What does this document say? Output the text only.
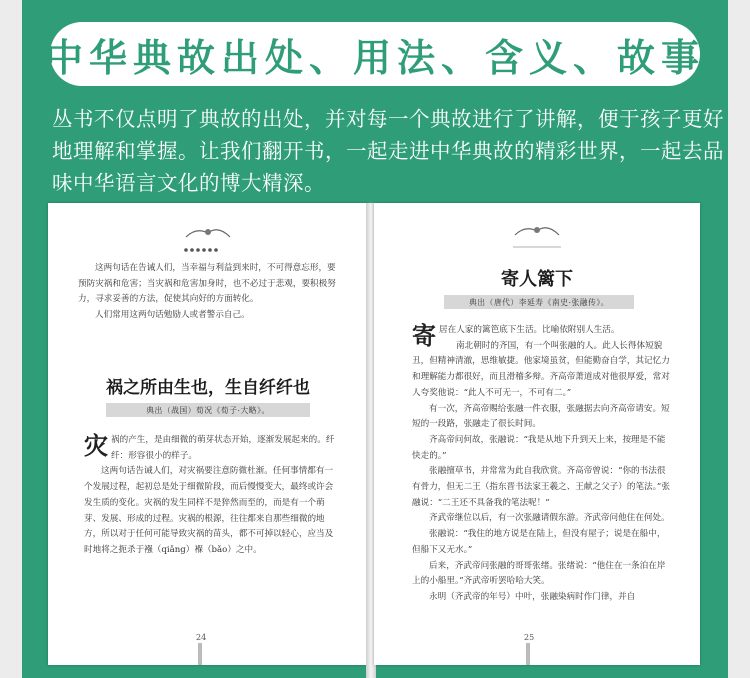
中华典故出处、用法、含义、故事

丛书不仅点明了典故的出处，并对每一个典故进行了讲解，便于孩子更好

地理解和掌握。让我们翻开书，一起走进中华典故的精彩世界，一起去品

味中华语言文化的博大精深。

这两句话在告诫人们，当幸福与利益到来时，不可得意忘形，要预防灾祸和危害；当灾祸和危害加身时，也不必过于悲观，要积极努力，寻求妥善的方法，促使其向好的方面转化。

人们常用这两句话勉励人或者警示自己。

祸之所由生也，生自纤纤也
典出（战国）荀况《荀子·大略》。

灾祸的产生，是由细微的萌芽状态开始，逐渐发展起来的。纤纤：形容很小的样子。

这两句话告诫人们，对灾祸要注意防微杜渐。任何事情都有一个发展过程，起初总是处于细微阶段，而后慢慢变大，最终或许会发生质的变化。灾祸的发生同样不是猝然而至的，而是有一个萌芽、发展、形成的过程。灾祸的根源，往往都来自那些细微的地方，所以对于任何可能导致灾祸的苗头，都不可掉以轻心，应当及时地将之扼杀于襁（qiǎng）褓（bǎo）之中。

24
寄人篱下
典出（唐代）李延寿《南史·张融传》。

寄居在人家的篱笆底下生活。比喻依附别人生活。

南北朝时的齐国，有一个叫张融的人。此人长得体短貌丑，但精神清澈，思维敏捷。他家境虽贫，但能勤奋自学，其记忆力和理解能力都很好，而且滑稽多辩。齐高帝萧道成对他很厚爱，常对人夸奖他说：“此人不可无一，不可有二。”

有一次，齐高帝赐给张融一件衣服，张融据去向齐高帝请安。短短的一段路，张融走了很长时间。

齐高帝问何故，张融说：“我是从地下升到天上来，按理是不能快走的。”

张融擅草书，并常常为此自我欣赏。齐高帝曾说：“你的书法很有骨力，但无二王（指东晋书法家王羲之、王献之父子）的笔法。”张融说：“二王还不具备我的笔法呢！”

齐武帝继位以后，有一次张融请假东游。齐武帝问他住在何处。

张融说：“我住的地方说是在陆上，但没有屋子；说是在船中，但船下又无水。”

后来，齐武帝问张融的哥哥张绪。张绪说：“他住在一条泊在岸上的小船里。”齐武帝听罢哈哈大笑。

永明（齐武帝的年号）中叶，张融染病时作门律，并自

25
